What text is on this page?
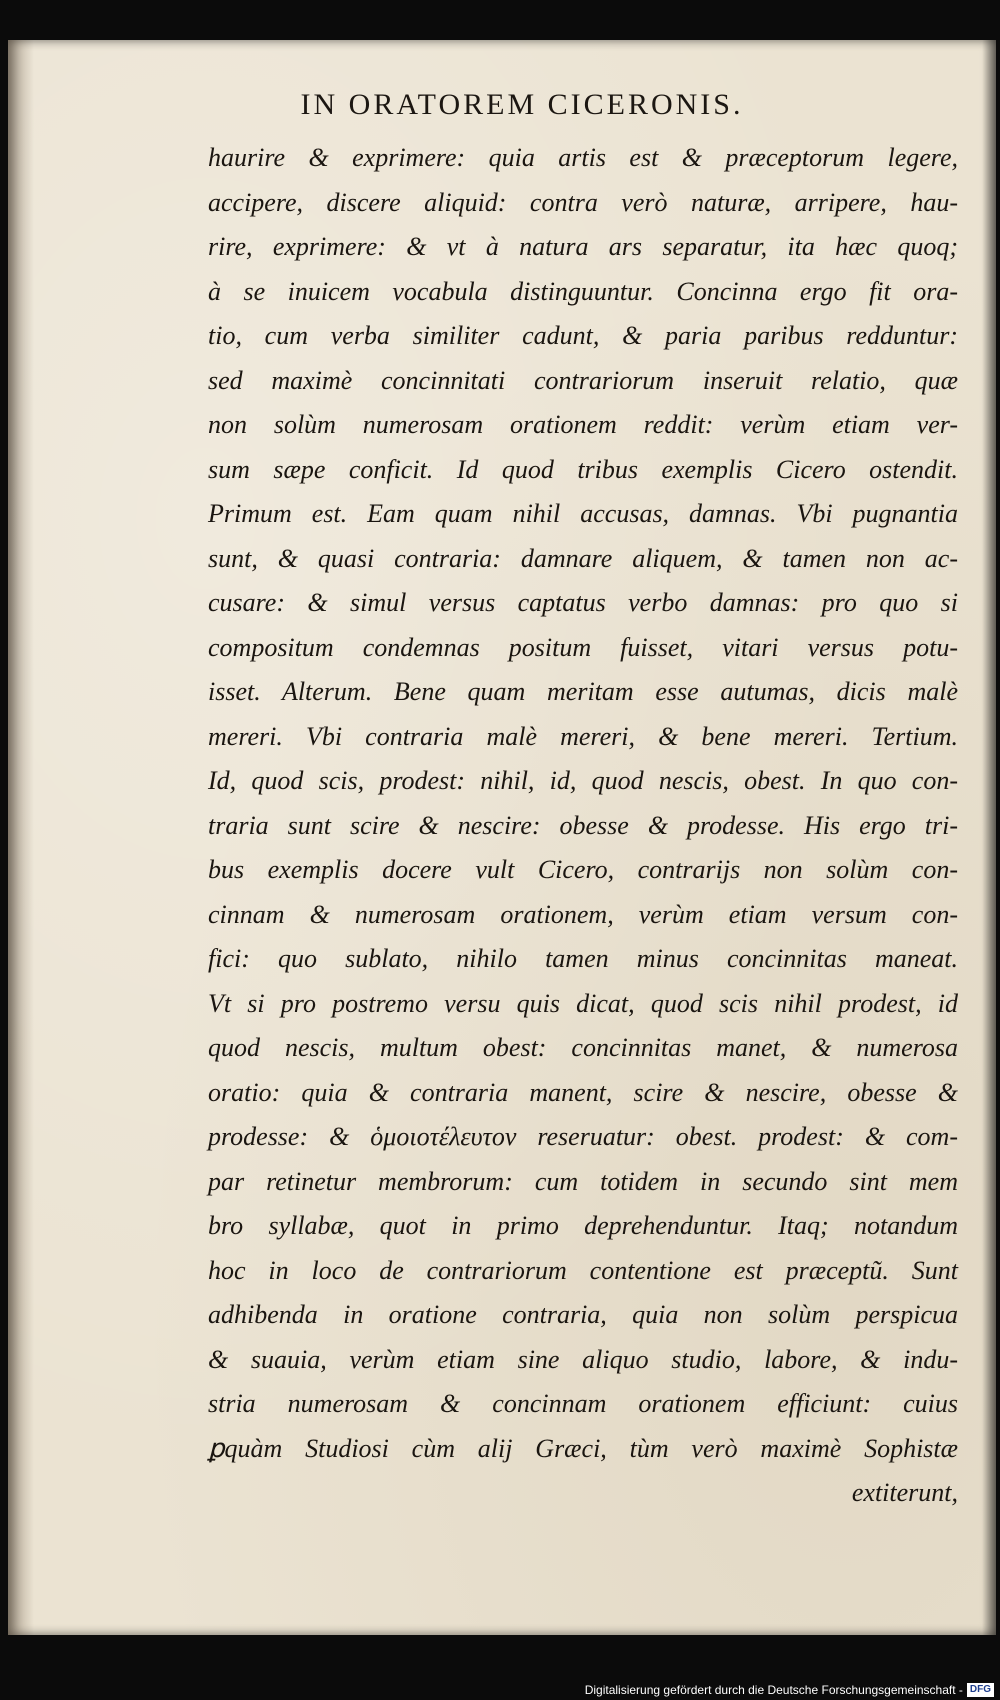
IN ORATOREM CICERONIS.
haurire & exprimere: quia artis est & præceptorum legere,
accipere, discere aliquid: contra verò naturæ, arripere, hau-
rire, exprimere: & vt à natura ars separatur, ita hæc quoq;
à se inuicem vocabula distinguuntur. Concinna ergo fit ora-
tio, cum verba similiter cadunt, & paria paribus redduntur:
sed maximè concinnitati contrariorum inseruit relatio, quæ
non solùm numerosam orationem reddit: verùm etiam ver-
sum sæpe conficit. Id quod tribus exemplis Cicero ostendit.
Primum est. Eam quam nihil accusas, damnas. Vbi pugnantia
sunt, & quasi contraria: damnare aliquem, & tamen non ac-
cusare: & simul versus captatus verbo damnas: pro quo si
compositum condemnas positum fuisset, vitari versus potu-
isset. Alterum. Bene quam meritam esse autumas, dicis malè
mereri. Vbi contraria malè mereri, & bene mereri. Tertium.
Id, quod scis, prodest: nihil, id, quod nescis, obest. In quo con-
traria sunt scire & nescire: obesse & prodesse. His ergo tri-
bus exemplis docere vult Cicero, contrarijs non solùm con-
cinnam & numerosam orationem, verùm etiam versum con-
fici: quo sublato, nihilo tamen minus concinnitas maneat.
Vt si pro postremo versu quis dicat, quod scis nihil prodest, id
quod nescis, multum obest: concinnitas manet, & numerosa
oratio: quia & contraria manent, scire & nescire, obesse &
prodesse: & ὁμοιοτέλευτον reseruatur: obest. prodest: & com-
par retinetur membrorum: cum totidem in secundo sint mem
bro syllabæ, quot in primo deprehenduntur. Itaq; notandum
hoc in loco de contrariorum contentione est præceptũ. Sunt
adhibenda in oratione contraria, quia non solùm perspicua
& suauia, verùm etiam sine aliquo studio, labore, & indu-
stria numerosam & concinnam orationem efficiunt: cuius
ꝑquàm Studiosi cùm alij Græci, tùm verò maximè Sophistæ
extiterunt,
Digitalisierung gefördert durch die Deutsche Forschungsgemeinschaft - DFG
